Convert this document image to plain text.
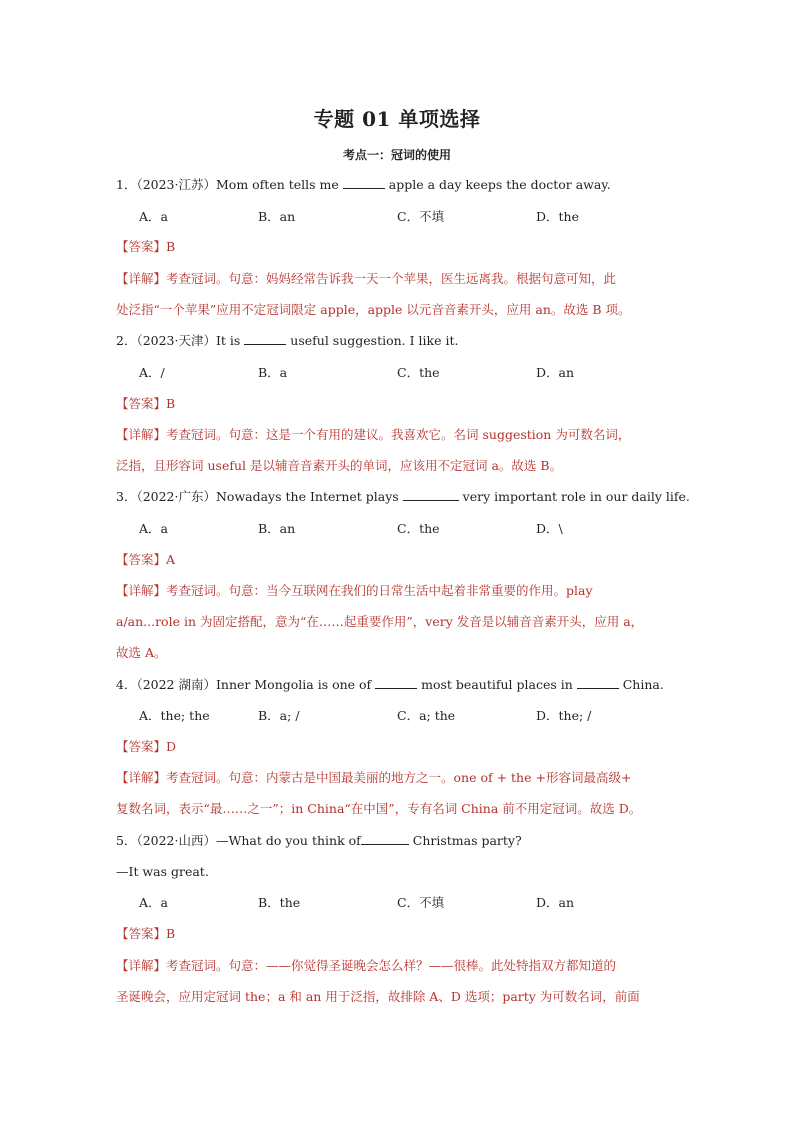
专题 01 单项选择
考点一：冠词的使用
1．（2023·江苏）Mom often tells me	apple a day keeps the doctor away.
A．a	B．an	C．不填	D．the
【答案】B
【详解】考查冠词。句意：妈妈经常告诉我一天一个苹果，医生远离我。根据句意可知，此
处泛指“一个苹果”应用不定冠词限定 apple，apple 以元音音素开头，应用 an。故选 B 项。
2．（2023·天津）It is	useful suggestion. I like it.
A．/	B．a	C．the	D．an
【答案】B
【详解】考查冠词。句意：这是一个有用的建议。我喜欢它。名词 suggestion 为可数名词，
泛指，且形容词 useful 是以辅音音素开头的单词，应该用不定冠词 a。故选 B。
3．（2022·广东）Nowadays the Internet plays	very important role in our daily life.
A．a	B．an	C．the	D．\
【答案】A
【详解】考查冠词。句意：当今互联网在我们的日常生活中起着非常重要的作用。play
a/an...role in 为固定搭配，意为“在……起重要作用”，very 发音是以辅音音素开头，应用 a，
故选 A。
4．（2022 湖南）Inner Mongolia is one of	most beautiful places in	China.
A．the; the	B．a; /	C．a; the	D．the; /
【答案】D
【详解】考查冠词。句意：内蒙古是中国最美丽的地方之一。one of + the +形容词最高级+
复数名词，表示“最……之一”；in China“在中国”，专有名词 China 前不用定冠词。故选 D。
5．（2022·山西）—What do you think of	Christmas party?
—It was great.
A．a	B．the	C．不填	D．an
【答案】B
【详解】考查冠词。句意：——你觉得圣诞晚会怎么样？——很棒。此处特指双方都知道的
圣诞晚会，应用定冠词 the；a 和 an 用于泛指，故排除 A、D 选项；party 为可数名词，前面
